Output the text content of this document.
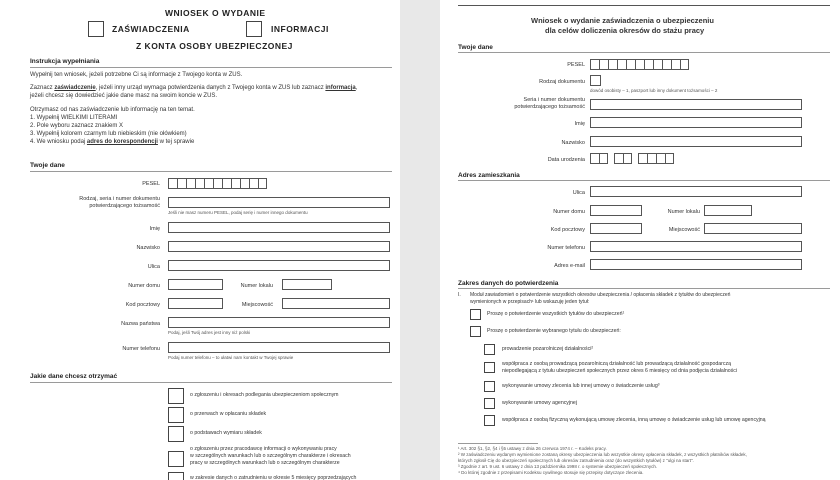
WNIOSEK O WYDANIE
ZAŚWIADCZENIA	INFORMACJI
Z KONTA OSOBY UBEZPIECZONEJ
Instrukcja wypełniania
Wypełnij ten wniosek, jeżeli potrzebne Ci są informacje z Twojego konta w ZUS.
Zaznacz zaświadczenie, jeżeli inny urząd wymaga potwierdzenia danych z Twojego konta w ZUS lub zaznacz informacja,
jeżeli chcesz się dowiedzieć jakie dane masz na swoim koncie w ZUS.
Otrzymasz od nas zaświadczenie lub informację na ten temat.
1. Wypełnij WIELKIMI LITERAMI
2. Pole wyboru zaznacz znakiem X
3. Wypełnij kolorem czarnym lub niebieskim (nie ołówkiem)
4. We wniosku podaj adres do korespondencji w tej sprawie
Twoje dane
PESEL
Rodzaj, seria i numer dokumentu
potwierdzającego tożsamość
Jeśli nie masz numeru PESEL, podaj serię i numer innego dokumentu
Imię
Nazwisko
Ulica
Numer domu	Numer lokalu
Kod pocztowy	Miejscowość
Nazwa państwa
Podaj, jeśli Twój adres jest inny niż polski
Numer telefonu
Podaj numer telefonu – to ułatwi nam kontakt w Twojej sprawie
Jakie dane chcesz otrzymać
o zgłoszeniu i okresach podlegania ubezpieczeniom społecznym
o przerwach w opłacaniu składek
o podstawach wymiaru składek
o zgłoszeniu przez pracodawcę informacji o wykonywaniu pracy
w szczególnych warunkach lub o szczególnym charakterze i okresach
pracy w szczególnych warunkach lub o szczególnym charakterze
w zakresie danych o zatrudnieniu w okresie 5 miesięcy poprzedzających
Wniosek o wydanie zaświadczenia o ubezpieczeniu
dla celów doliczenia okresów do stażu pracy
Twoje dane
PESEL
Rodzaj dokumentu
dowód osobisty – 1, paszport lub inny dokument tożsamości – 2
Seria i numer dokumentu
potwierdzającego tożsamość
Imię
Nazwisko
Data urodzenia
Adres zamieszkania
Ulica
Numer domu	Numer lokalu
Kod pocztowy	Miejscowość
Numer telefonu
Adres e-mail
Zakres danych do potwierdzenia
I. Moduł zawiadomień o potwierdzenie wszystkich okresów ubezpieczenia / opłacenia składek z tytułów do ubezpieczeń
wymienionych w przepisach¹ lub wskazuję jeden tytuł:
Proszę o potwierdzenie wszystkich tytułów do ubezpieczeń¹
Proszę o potwierdzenie wybranego tytułu do ubezpieczeń:
prowadzenie pozarolniczej działalności²
współpraca z osobą prowadzącą pozarolniczą działalność lub prowadzącą działalność gospodarczą
niepodlegającą z tytułu ubezpieczeń społecznych przez okres 6 miesięcy od dnia podjęcia działalności
wykonywanie umowy zlecenia lub innej umowy o świadczenie usług³
wykonywanie umowy agencyjnej
współpraca z osobą fizyczną wykonującą umowę zlecenia, inną umowę o świadczenie usług lub umowę agencyjną
¹ Art. 302 §1, §2, §4 i §5 ustawy z dnia 26 czerwca 1974 r. – Kodeks pracy.
² W zaświadczeniu wydanym wymienione zostaną okresy ubezpieczenia lub wszystkie okresy opłacenia składek, z wszystkich płatników składek,
których zgłosił Cię do ubezpieczeń społecznych lub okresów zatrudnienia oraz (do wszystkich tytułów) z "ulgi na start".
³ Zgodnie z art. 9 ust. 6 ustawy z dnia 13 października 1998 r. o systemie ubezpieczeń społecznych.
⁴ Do której zgodnie z przepisami Kodeksu cywilnego stosuje się przepisy dotyczące zlecenia.
